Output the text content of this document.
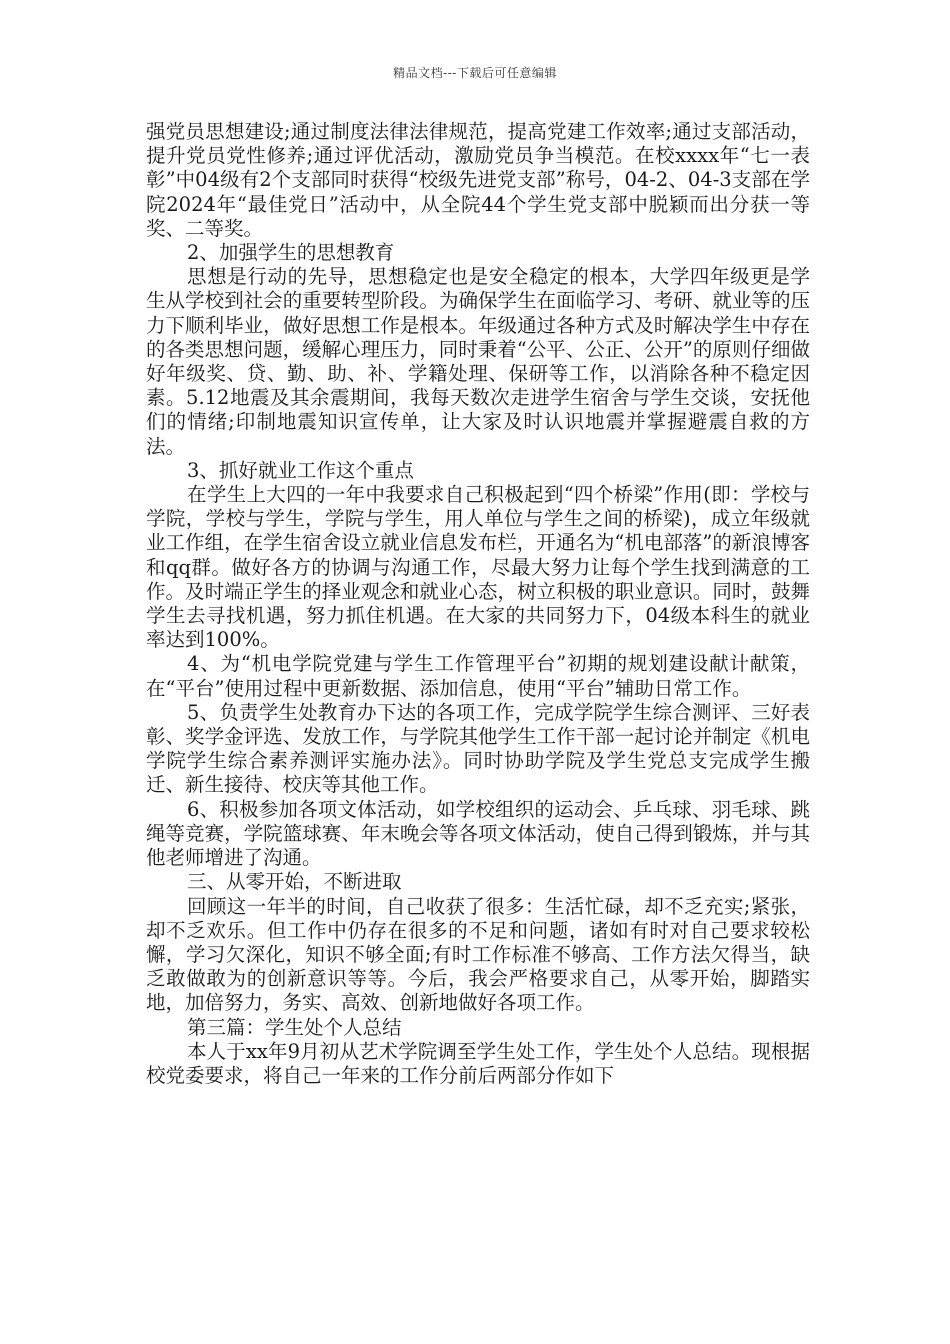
精品文档---下载后可任意编辑

强党员思想建设;通过制度法律法律规范，提高党建工作效率;通过支部活动，提升党员党性修养;通过评优活动，激励党员争当模范。在校xxxx年“七一表彰”中04级有2个支部同时获得“校级先进党支部”称号，04-2、04-3支部在学院2024年“最佳党日”活动中，从全院44个学生党支部中脱颖而出分获一等奖、二等奖。

2、加强学生的思想教育

思想是行动的先导，思想稳定也是安全稳定的根本，大学四年级更是学生从学校到社会的重要转型阶段。为确保学生在面临学习、考研、就业等的压力下顺利毕业，做好思想工作是根本。年级通过各种方式及时解决学生中存在的各类思想问题，缓解心理压力，同时秉着“公平、公正、公开”的原则仔细做好年级奖、贷、勤、助、补、学籍处理、保研等工作，以消除各种不稳定因素。5.12地震及其余震期间，我每天数次走进学生宿舍与学生交谈，安抚他们的情绪;印制地震知识宣传单，让大家及时认识地震并掌握避震自救的方法。

3、抓好就业工作这个重点

在学生上大四的一年中我要求自己积极起到“四个桥梁”作用(即：学校与学院，学校与学生，学院与学生，用人单位与学生之间的桥梁)，成立年级就业工作组，在学生宿舍设立就业信息发布栏，开通名为“机电部落”的新浪博客和qq群。做好各方的协调与沟通工作，尽最大努力让每个学生找到满意的工作。及时端正学生的择业观念和就业心态，树立积极的职业意识。同时，鼓舞学生去寻找机遇，努力抓住机遇。在大家的共同努力下，04级本科生的就业率达到100%。

4、为“机电学院党建与学生工作管理平台”初期的规划建设献计献策，在“平台”使用过程中更新数据、添加信息，使用“平台”辅助日常工作。

5、负责学生处教育办下达的各项工作，完成学院学生综合测评、三好表彰、奖学金评选、发放工作，与学院其他学生工作干部一起讨论并制定《机电学院学生综合素养测评实施办法》。同时协助学院及学生党总支完成学生搬迁、新生接待、校庆等其他工作。

6、积极参加各项文体活动，如学校组织的运动会、乒乓球、羽毛球、跳绳等竞赛，学院篮球赛、年末晚会等各项文体活动，使自己得到锻炼，并与其他老师增进了沟通。

三、从零开始，不断进取

回顾这一年半的时间，自己收获了很多：生活忙碌，却不乏充实;紧张，却不乏欢乐。但工作中仍存在很多的不足和问题，诸如有时对自己要求较松懈，学习欠深化，知识不够全面;有时工作标准不够高、工作方法欠得当，缺乏敢做敢为的创新意识等等。今后，我会严格要求自己，从零开始，脚踏实地，加倍努力，务实、高效、创新地做好各项工作。

第三篇：学生处个人总结

本人于xx年9月初从艺术学院调至学生处工作，学生处个人总结。现根据校党委要求，将自己一年来的工作分前后两部分作如下
